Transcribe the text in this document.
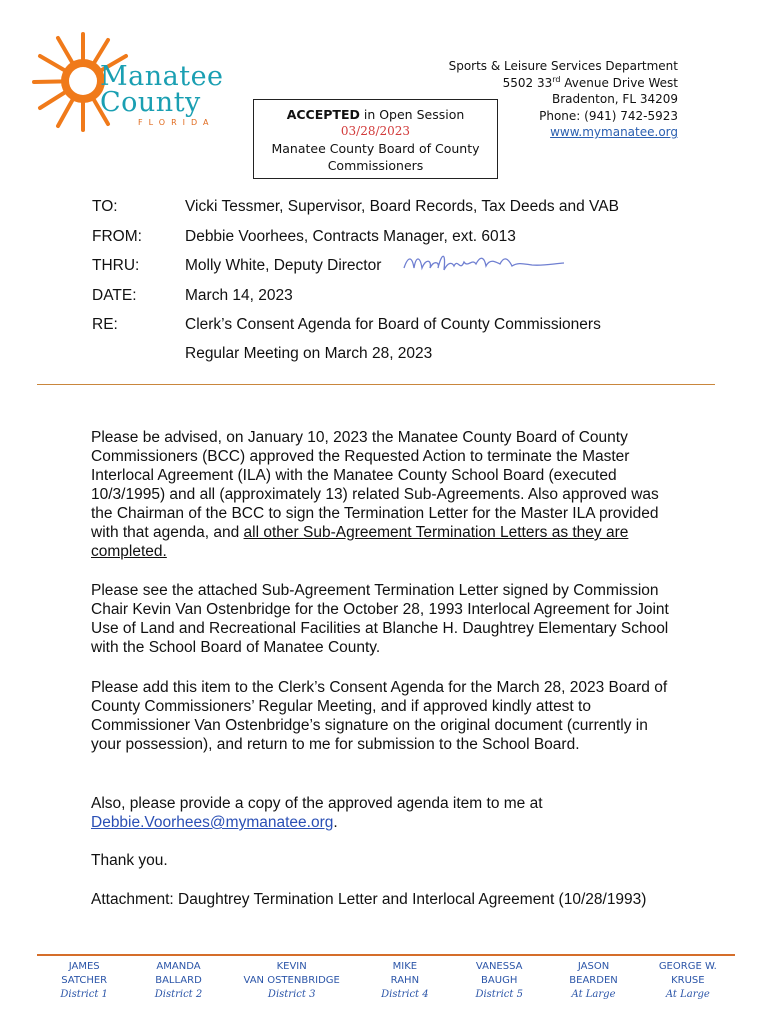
Manatee
County
FLORIDA
ACCEPTED in Open Session
03/28/2023
Manatee County Board of County
Commissioners
Sports & Leisure Services Department
5502 33rd Avenue Drive West
Bradenton, FL 34209
Phone: (941) 742-5923
www.mymanatee.org
TO:	Vicki Tessmer, Supervisor, Board Records, Tax Deeds and VAB
FROM:	Debbie Voorhees, Contracts Manager, ext. 6013
THRU:	Molly White, Deputy Director
DATE:	March 14, 2023
RE:	Clerk’s Consent Agenda for Board of County Commissioners
Regular Meeting on March 28, 2023

Please be advised, on January 10, 2023 the Manatee County Board of County Commissioners (BCC) approved the Requested Action to terminate the Master Interlocal Agreement (ILA) with the Manatee County School Board (executed 10/3/1995) and all (approximately 13) related Sub-Agreements. Also approved was the Chairman of the BCC to sign the Termination Letter for the Master ILA provided with that agenda, and all other Sub-Agreement Termination Letters as they are completed.

Please see the attached Sub-Agreement Termination Letter signed by Commission Chair Kevin Van Ostenbridge for the October 28, 1993 Interlocal Agreement for Joint Use of Land and Recreational Facilities at Blanche H. Daughtrey Elementary School with the School Board of Manatee County.

Please add this item to the Clerk’s Consent Agenda for the March 28, 2023 Board of County Commissioners’ Regular Meeting, and if approved kindly attest to Commissioner Van Ostenbridge’s signature on the original document (currently in your possession), and return to me for submission to the School Board.

Also, please provide a copy of the approved agenda item to me at
Debbie.Voorhees@mymanatee.org.

Thank you.

Attachment: Daughtrey Termination Letter and Interlocal Agreement (10/28/1993)

JAMES
SATCHER
District 1
AMANDA
BALLARD
District 2
KEVIN
VAN OSTENBRIDGE
District 3
MIKE
RAHN
District 4
VANESSA
BAUGH
District 5
JASON
BEARDEN
At Large
GEORGE W.
KRUSE
At Large
